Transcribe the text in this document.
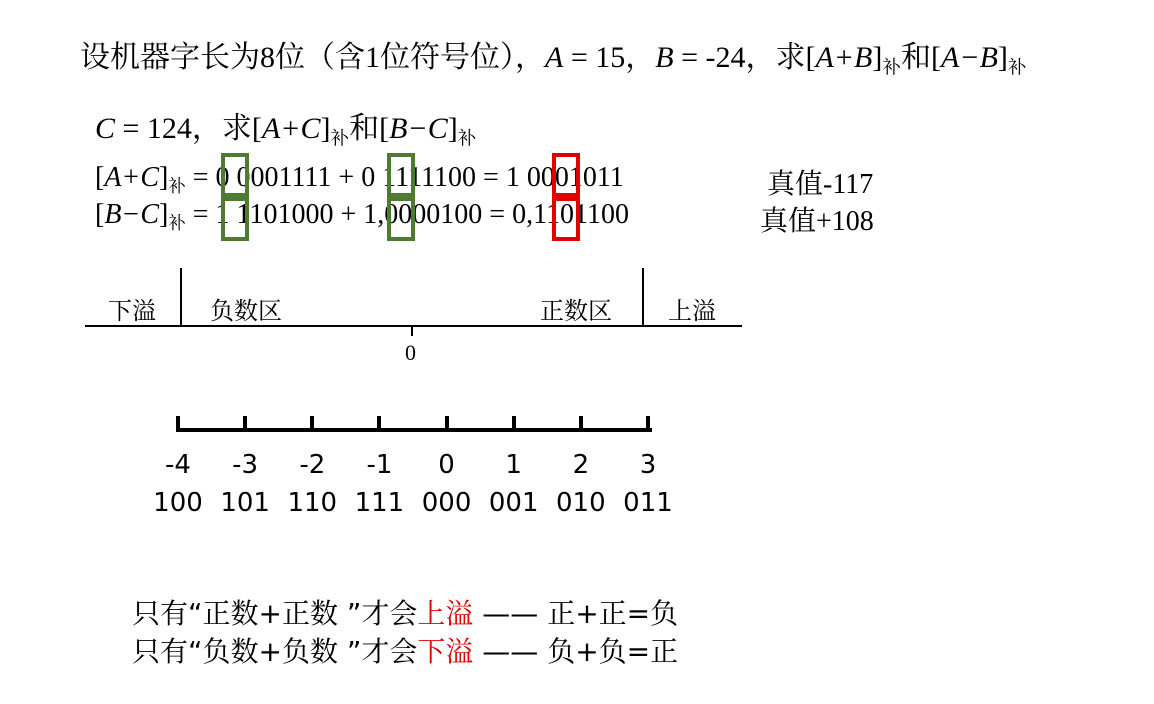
设机器字长为8位（含1位符号位），A = 15，B = -24，求$[A+B]_补$和$[A-B]_补$
C = 124，求$[A+C]_补$和$[B-C]_补$
$[A+C]_补 = 0$ 0001111 + 0 1111100 = 1 0001011	真值-117
$[B-C]_补 = 1$ 1101000 + 1,0000100 = 0,1101100	真值+108
下溢 负数区	正数区 上溢
0
-4
100
-3
101
-2
110
-1
111
0
000
1
001
2
010
3
011
只有“正数+正数 ”才会上溢 —— 正+正=负
只有“负数+负数 ”才会下溢 —— 负+负=正
